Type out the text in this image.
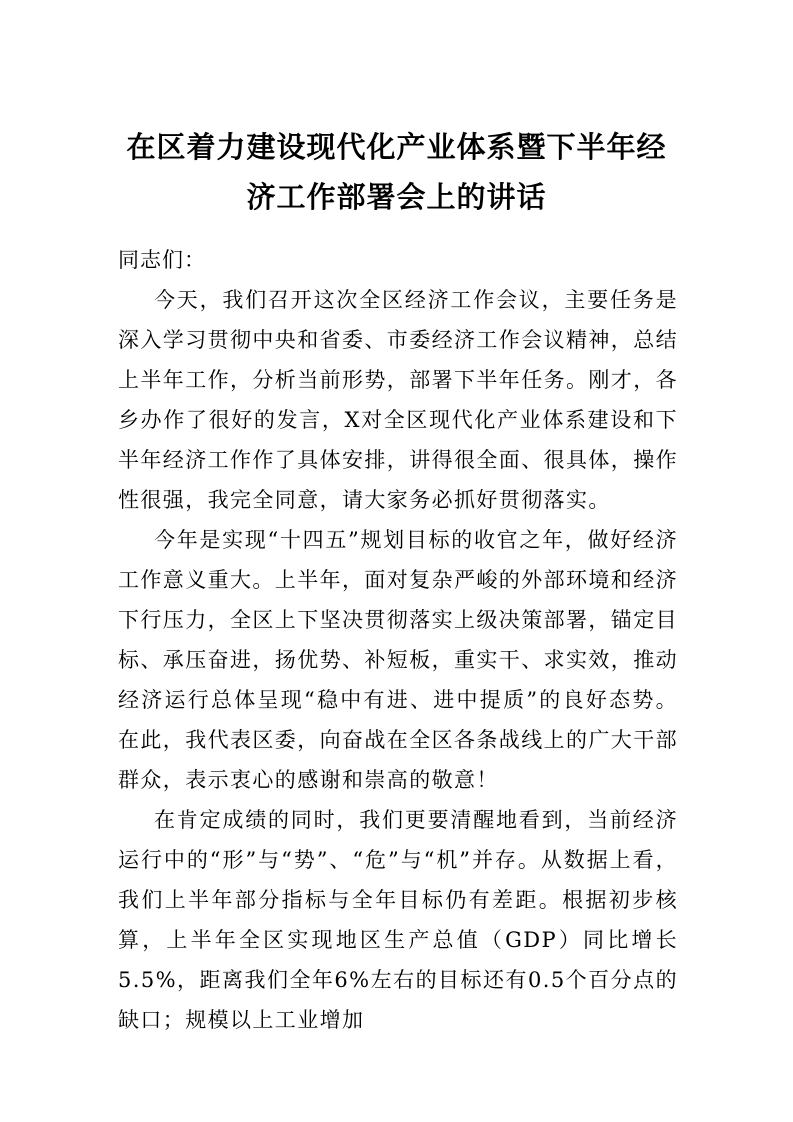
在区着力建设现代化产业体系暨下半年经
济工作部署会上的讲话

同志们：

今天，我们召开这次全区经济工作会议，主要任务是深入学习贯彻中央和省委、市委经济工作会议精神，总结上半年工作，分析当前形势，部署下半年任务。刚才，各乡办作了很好的发言，X对全区现代化产业体系建设和下半年经济工作作了具体安排，讲得很全面、很具体，操作性很强，我完全同意，请大家务必抓好贯彻落实。

今年是实现“十四五”规划目标的收官之年，做好经济工作意义重大。上半年，面对复杂严峻的外部环境和经济下行压力，全区上下坚决贯彻落实上级决策部署，锚定目标、承压奋进，扬优势、补短板，重实干、求实效，推动经济运行总体呈现“稳中有进、进中提质”的良好态势。在此，我代表区委，向奋战在全区各条战线上的广大干部群众，表示衷心的感谢和崇高的敬意！

在肯定成绩的同时，我们更要清醒地看到，当前经济运行中的“形”与“势”、“危”与“机”并存。从数据上看，我们上半年部分指标与全年目标仍有差距。根据初步核算，上半年全区实现地区生产总值（GDP）同比增长5.5%，距离我们全年6%左右的目标还有0.5个百分点的缺口；规模以上工业增加
